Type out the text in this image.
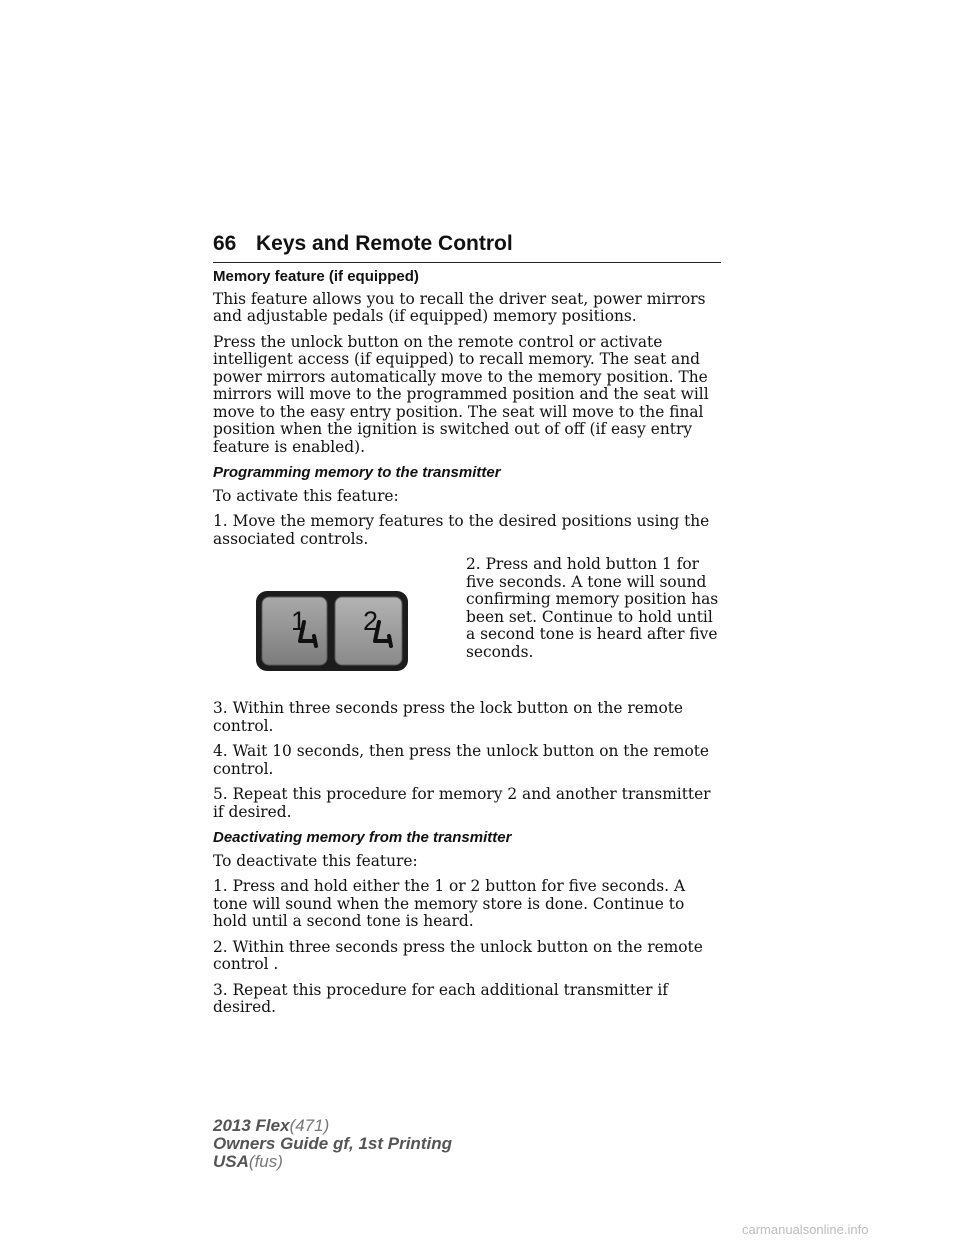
66 Keys and Remote Control
Memory feature (if equipped)

This feature allows you to recall the driver seat, power mirrors and adjustable pedals (if equipped) memory positions.

Press the unlock button on the remote control or activate intelligent access (if equipped) to recall memory. The seat and power mirrors automatically move to the memory position. The mirrors will move to the programmed position and the seat will move to the easy entry position. The seat will move to the final position when the ignition is switched out of off (if easy entry feature is enabled).

Programming memory to the transmitter

To activate this feature:

1. Move the memory features to the desired positions using the associated controls.

1 2
2. Press and hold button 1 for five seconds. A tone will sound confirming memory position has been set. Continue to hold until a second tone is heard after five seconds.

3. Within three seconds press the lock button on the remote control.

4. Wait 10 seconds, then press the unlock button on the remote control.

5. Repeat this procedure for memory 2 and another transmitter if desired.

Deactivating memory from the transmitter

To deactivate this feature:

1. Press and hold either the 1 or 2 button for five seconds. A tone will sound when the memory store is done. Continue to hold until a second tone is heard.

2. Within three seconds press the unlock button on the remote control .

3. Repeat this procedure for each additional transmitter if desired.

2013 Flex(471)
Owners Guide gf, 1st Printing
USA(fus)
carmanualsonline.info
